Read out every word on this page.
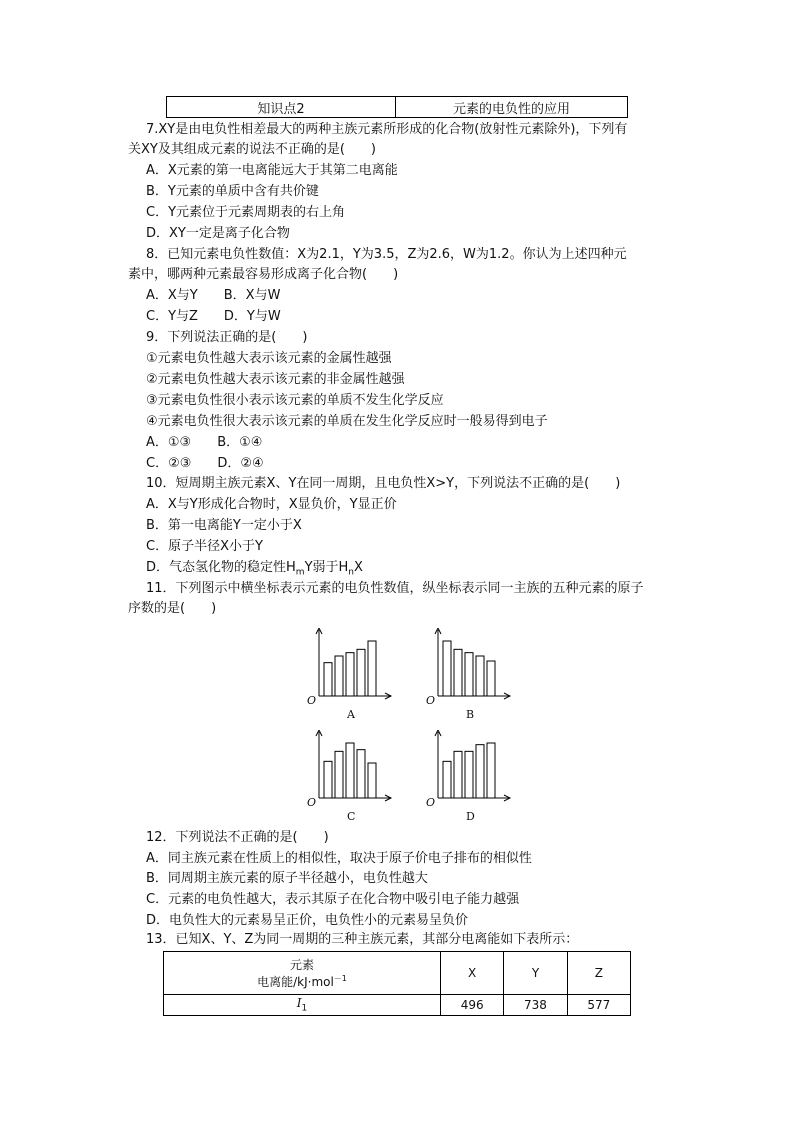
知识点2	元素的电负性的应用
7.XY是由电负性相差最大的两种主族元素所形成的化合物(放射性元素除外)，下列有
关XY及其组成元素的说法不正确的是(　　)
A．X元素的第一电离能远大于其第二电离能
B．Y元素的单质中含有共价键
C．Y元素位于元素周期表的右上角
D．XY一定是离子化合物
8．已知元素电负性数值：X为2.1，Y为3.5，Z为2.6，W为1.2。你认为上述四种元
素中，哪两种元素最容易形成离子化合物(　　)
A．X与Y　　B．X与W
C．Y与Z　　D．Y与W
9．下列说法正确的是(　　)
①元素电负性越大表示该元素的金属性越强
②元素电负性越大表示该元素的非金属性越强
③元素电负性很小表示该元素的单质不发生化学反应
④元素电负性很大表示该元素的单质在发生化学反应时一般易得到电子
A．①③　　B．①④
C．②③　　D．②④
10．短周期主族元素X、Y在同一周期，且电负性X>Y，下列说法不正确的是(　　)
A．X与Y形成化合物时，X显负价，Y显正价
B．第一电离能Y一定小于X
C．原子半径X小于Y
D．气态氢化物的稳定性$H_mY$弱于$H_nX$
11．下列图示中横坐标表示元素的电负性数值，纵坐标表示同一主族的五种元素的原子
序数的是(　　)
O
A
O
B
O
C
O
D
12．下列说法不正确的是(　　)
A．同主族元素在性质上的相似性，取决于原子价电子排布的相似性
B．同周期主族元素的原子半径越小，电负性越大
C．元素的电负性越大，表示其原子在化合物中吸引电子能力越强
D．电负性大的元素易呈正价，电负性小的元素易呈负价
13．已知X、Y、Z为同一周期的三种主族元素，其部分电离能如下表所示：
元素
电离能/kJ·mol$^{-1}$	X	Y	Z
$I_1$	496	738	577
